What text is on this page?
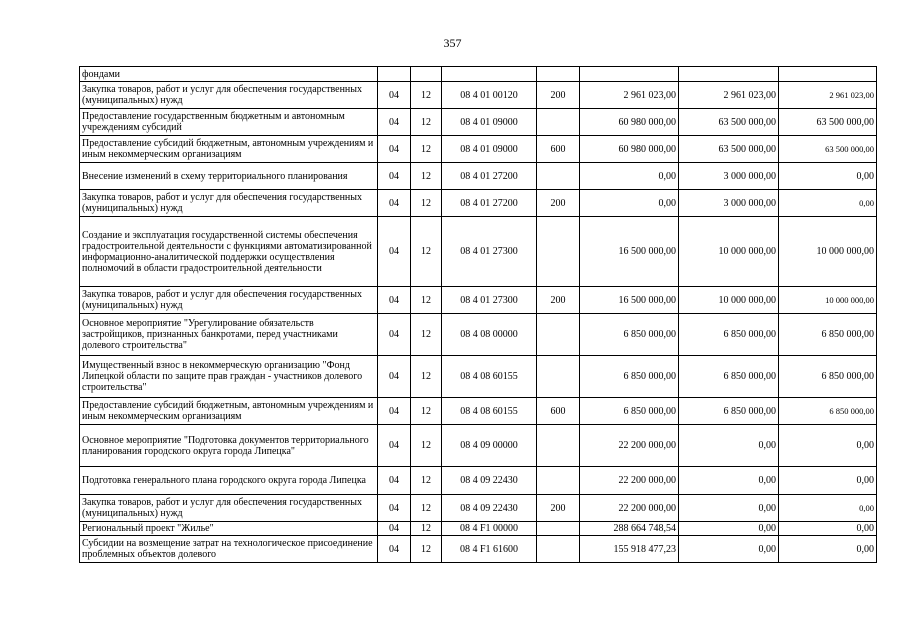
357
фондами							
Закупка товаров, работ и услуг для обеспечения государственных (муниципальных) нужд	04	12	08 4 01 00120	200	2 961 023,00	2 961 023,00	2 961 023,00
Предоставление государственным бюджетным и автономным учреждениям субсидий	04	12	08 4 01 09000		60 980 000,00	63 500 000,00	63 500 000,00
Предоставление субсидий бюджетным, автономным учреждениям и иным некоммерческим организациям	04	12	08 4 01 09000	600	60 980 000,00	63 500 000,00	63 500 000,00
Внесение изменений в схему территориального планирования	04	12	08 4 01 27200		0,00	3 000 000,00	0,00
Закупка товаров, работ и услуг для обеспечения государственных (муниципальных) нужд	04	12	08 4 01 27200	200	0,00	3 000 000,00	0,00
Создание и эксплуатация государственной системы обеспечения градостроительной деятельности с функциями автоматизированной информационно-аналитической поддержки осуществления полномочий в области градостроительной деятельности	04	12	08 4 01 27300		16 500 000,00	10 000 000,00	10 000 000,00
Закупка товаров, работ и услуг для обеспечения государственных (муниципальных) нужд	04	12	08 4 01 27300	200	16 500 000,00	10 000 000,00	10 000 000,00
Основное мероприятие "Урегулирование обязательств застройщиков, признанных банкротами, перед участниками долевого строительства"	04	12	08 4 08 00000		6 850 000,00	6 850 000,00	6 850 000,00
Имущественный взнос в некоммерческую организацию "Фонд Липецкой области по защите прав граждан - участников долевого строительства"	04	12	08 4 08 60155		6 850 000,00	6 850 000,00	6 850 000,00
Предоставление субсидий бюджетным, автономным учреждениям и иным некоммерческим организациям	04	12	08 4 08 60155	600	6 850 000,00	6 850 000,00	6 850 000,00
Основное мероприятие "Подготовка документов территориального планирования городского округа города Липецка"	04	12	08 4 09 00000		22 200 000,00	0,00	0,00
Подготовка генерального плана городского округа города Липецка	04	12	08 4 09 22430		22 200 000,00	0,00	0,00
Закупка товаров, работ и услуг для обеспечения государственных (муниципальных) нужд	04	12	08 4 09 22430	200	22 200 000,00	0,00	0,00
Региональный проект "Жилье"	04	12	08 4 F1 00000		288 664 748,54	0,00	0,00
Субсидии на возмещение затрат на технологическое присоединение проблемных объектов долевого	04	12	08 4 F1 61600		155 918 477,23	0,00	0,00
